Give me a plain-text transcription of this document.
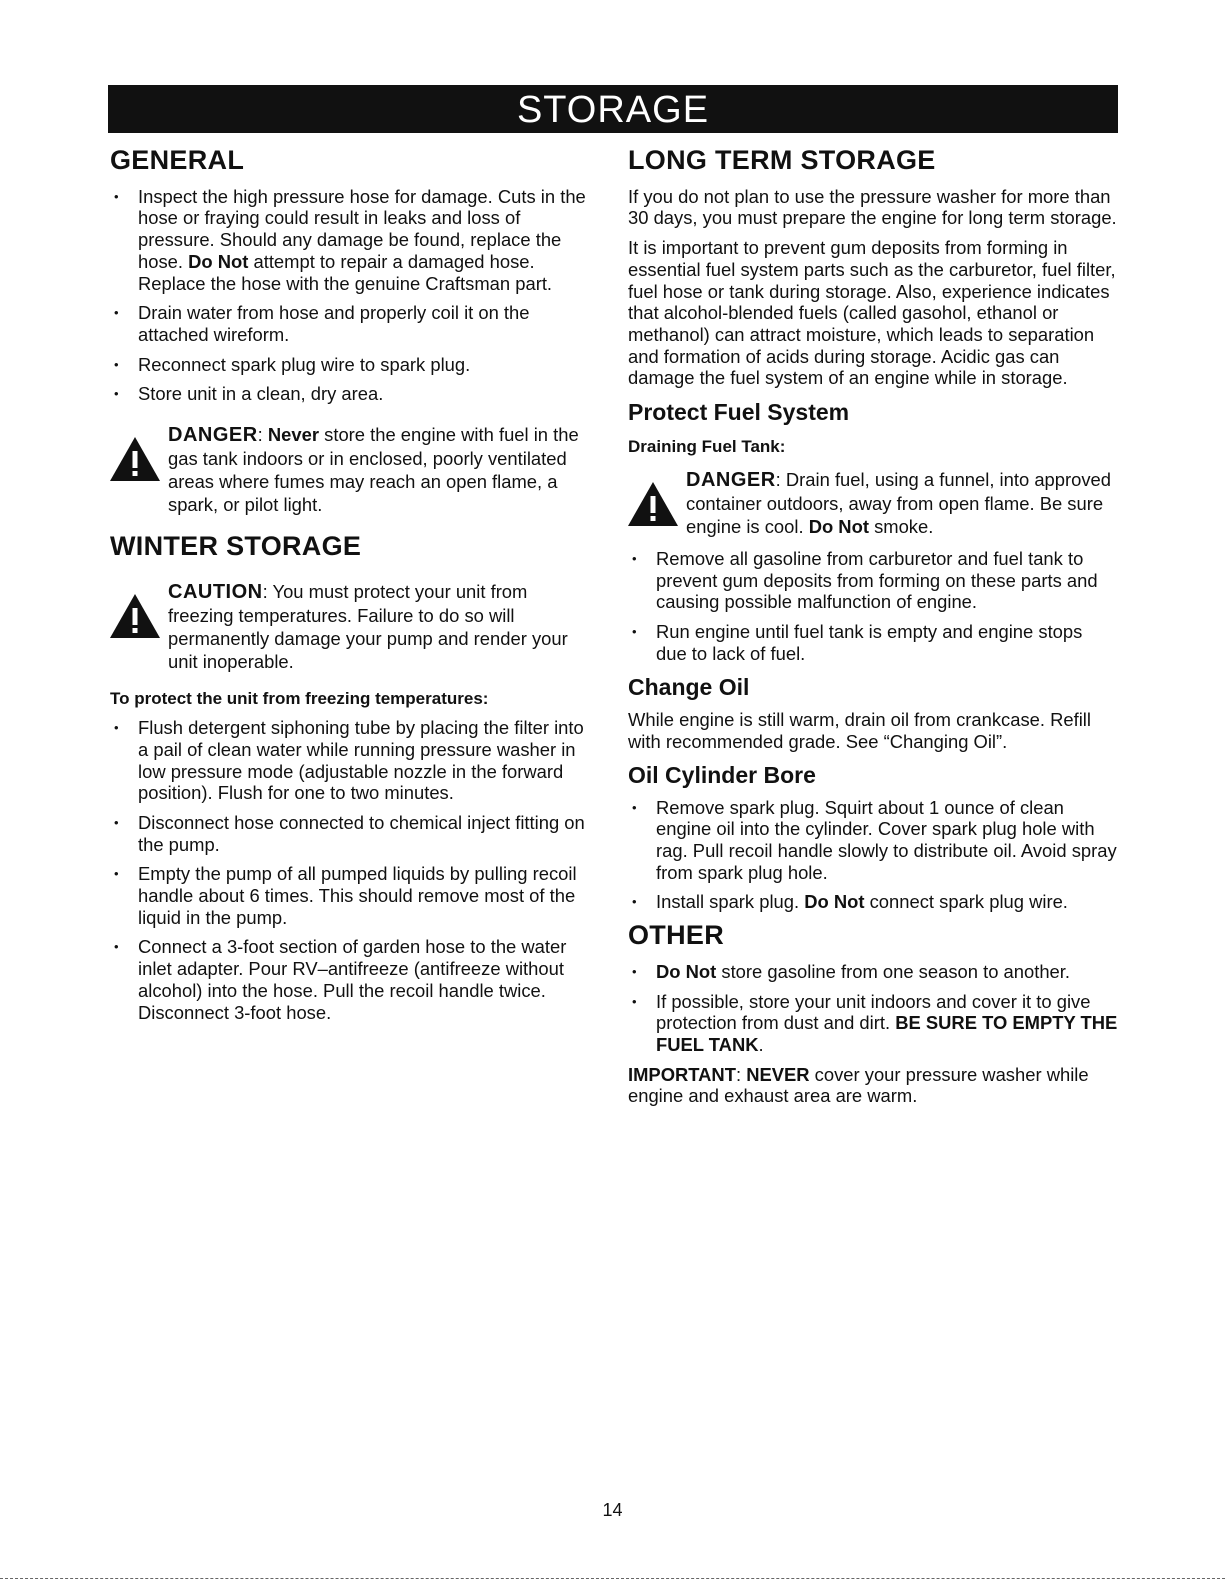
STORAGE
GENERAL
• Inspect the high pressure hose for damage. Cuts in the hose or fraying could result in leaks and loss of pressure. Should any damage be found, replace the hose. Do Not attempt to repair a damaged hose. Replace the hose with the genuine Craftsman part.
• Drain water from hose and properly coil it on the attached wireform.
• Reconnect spark plug wire to spark plug.
• Store unit in a clean, dry area.
DANGER: Never store the engine with fuel in the gas tank indoors or in enclosed, poorly ventilated areas where fumes may reach an open flame, a spark, or pilot light.
WINTER STORAGE
CAUTION: You must protect your unit from freezing temperatures. Failure to do so will permanently damage your pump and render your unit inoperable.
To protect the unit from freezing temperatures:
• Flush detergent siphoning tube by placing the filter into a pail of clean water while running pressure washer in low pressure mode (adjustable nozzle in the forward position). Flush for one to two minutes.
• Disconnect hose connected to chemical inject fitting on the pump.
• Empty the pump of all pumped liquids by pulling recoil handle about 6 times. This should remove most of the liquid in the pump.
• Connect a 3-foot section of garden hose to the water inlet adapter. Pour RV–antifreeze (antifreeze without alcohol) into the hose. Pull the recoil handle twice. Disconnect 3-foot hose.
LONG TERM STORAGE

If you do not plan to use the pressure washer for more than 30 days, you must prepare the engine for long term storage.

It is important to prevent gum deposits from forming in essential fuel system parts such as the carburetor, fuel filter, fuel hose or tank during storage. Also, experience indicates that alcohol-blended fuels (called gasohol, ethanol or methanol) can attract moisture, which leads to separation and formation of acids during storage. Acidic gas can damage the fuel system of an engine while in storage.

Protect Fuel System
Draining Fuel Tank:
DANGER: Drain fuel, using a funnel, into approved container outdoors, away from open flame. Be sure engine is cool. Do Not smoke.
• Remove all gasoline from carburetor and fuel tank to prevent gum deposits from forming on these parts and causing possible malfunction of engine.
• Run engine until fuel tank is empty and engine stops due to lack of fuel.
Change Oil

While engine is still warm, drain oil from crankcase. Refill with recommended grade. See “Changing Oil”.

Oil Cylinder Bore
• Remove spark plug. Squirt about 1 ounce of clean engine oil into the cylinder. Cover spark plug hole with rag. Pull recoil handle slowly to distribute oil. Avoid spray from spark plug hole.
• Install spark plug. Do Not connect spark plug wire.
OTHER
• Do Not store gasoline from one season to another.
• If possible, store your unit indoors and cover it to give protection from dust and dirt. BE SURE TO EMPTY THE FUEL TANK.

IMPORTANT: NEVER cover your pressure washer while engine and exhaust area are warm.

14
